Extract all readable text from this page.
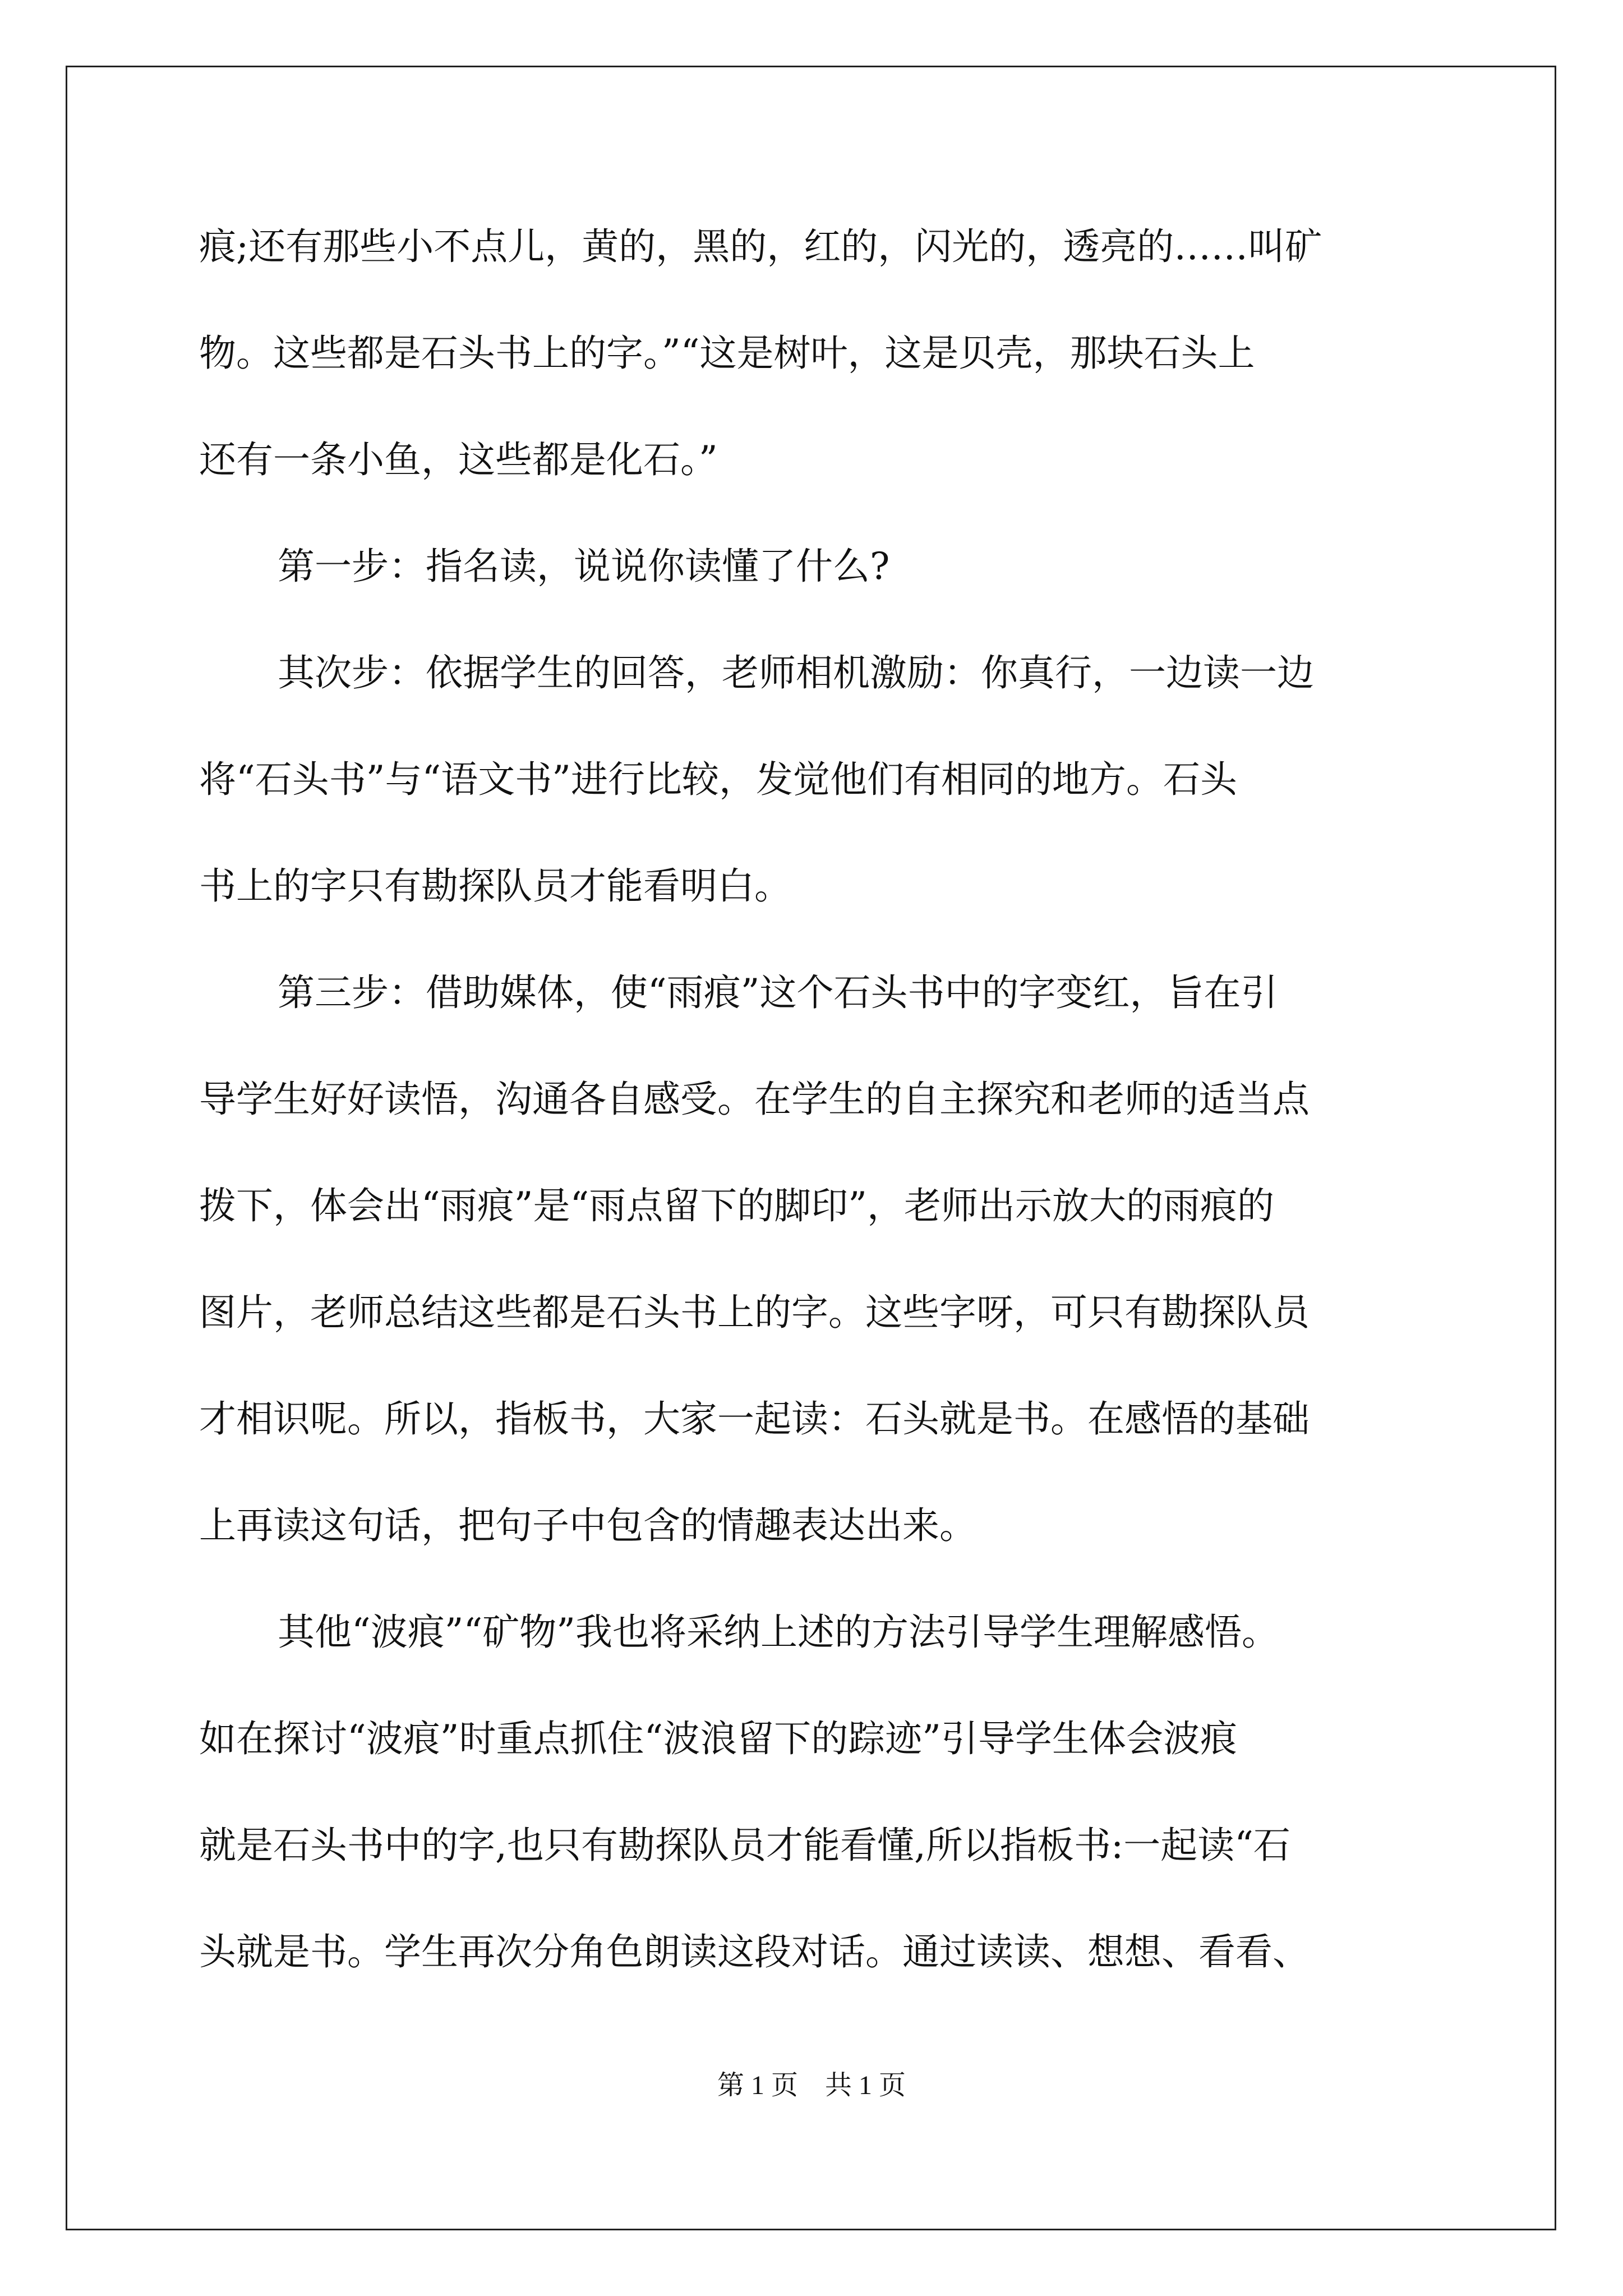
痕;还有那些小不点儿，黄的，黑的，红的，闪光的，透亮的……叫矿
物。这些都是石头书上的字。”“这是树叶，这是贝壳，那块石头上
还有一条小鱼，这些都是化石。”

第一步：指名读，说说你读懂了什么?

其次步：依据学生的回答，老师相机激励：你真行，一边读一边
将“石头书”与“语文书”进行比较，发觉他们有相同的地方。石头
书上的字只有勘探队员才能看明白。

第三步：借助媒体，使“雨痕”这个石头书中的字变红，旨在引
导学生好好读悟，沟通各自感受。在学生的自主探究和老师的适当点
拨下，体会出“雨痕”是“雨点留下的脚印”，老师出示放大的雨痕的
图片，老师总结这些都是石头书上的字。这些字呀，可只有勘探队员
才相识呢。所以，指板书，大家一起读：石头就是书。在感悟的基础
上再读这句话，把句子中包含的情趣表达出来。

其他“波痕”“矿物”我也将采纳上述的方法引导学生理解感悟。
如在探讨“波痕”时重点抓住“波浪留下的踪迹”引导学生体会波痕
就是石头书中的字,也只有勘探队员才能看懂,所以指板书:一起读“石
头就是书。学生再次分角色朗读这段对话。通过读读、想想、看看、

第 1 页　共 1 页
